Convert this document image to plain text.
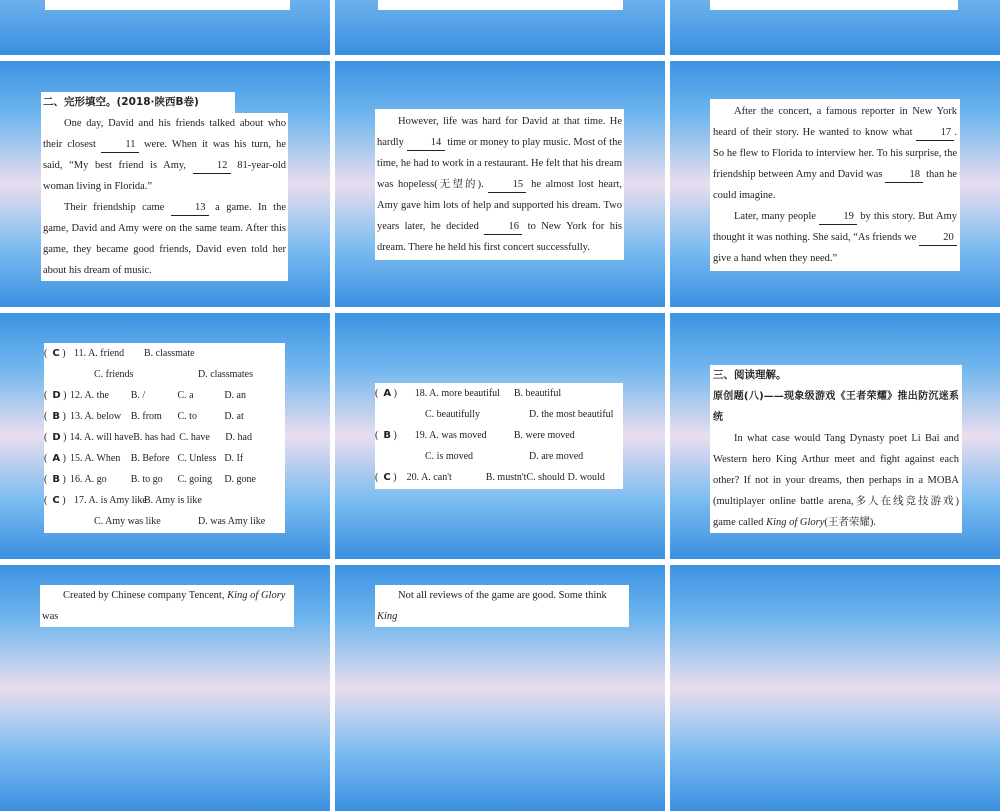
二、完形填空。(2018·陕西B卷)

One day, David and his friends talked about who their closest 11 were. When it was his turn, he said, “My best friend is Amy, 12 81-year-old woman living in Florida.”

Their friendship came 13 a game. In the game, David and Amy were on the same team. After this game, they became good friends, David even told her about his dream of music.

However, life was hard for David at that time. He hardly 14 time or money to play music. Most of the time, he had to work in a restaurant. He felt that his dream was hopeless(无望的). 15 he almost lost heart, Amy gave him lots of help and supported his dream. Two years later, he decided 16 to New York for his dream. There he held his first concert successfully.

After the concert, a famous reporter in New York heard of their story. He wanted to know what 17 . So he flew to Florida to interview her. To his surprise, the friendship between Amy and David was 18 than he could imagine.

Later, many people 19 by this story. But Amy thought it was nothing. She said, “As friends we 20 give a hand when they need.”

(  C ) 11. A. friend	B. classmate
C. friends	D. classmates
(  D ) 12. A. the	B. /	C. a	D. an
(  B ) 13. A. below B. from	C. to	D. at
(  D ) 14. A. will have B. has had C. have	D. had
(  A ) 15. A. When	B. Before C. Unless D. If
(  B ) 16. A. go	B. to go	C. going	D. gone
(  C ) 17. A. is Amy like
B. Amy is like
C. Amy was like	D. was Amy like
(  A )	18. A. more beautiful	B. beautiful
C. beautifully	D. the most beautiful
(  B )	19. A. was moved	B. were moved
C. is moved	D. are moved
(  C )	20. A. can't	B. mustn't C. should D. would

三、阅读理解。

原创题(八)——现象级游戏《王者荣耀》推出防沉迷系统

In what case would Tang Dynasty poet Li Bai and Western hero King Arthur meet and fight against each other? If not in your dreams, then perhaps in a MOBA (multiplayer online battle arena,多人在线竞技游戏) game called King of Glory(王者荣耀).

Created by Chinese company Tencent, King of Glory was

Not all reviews of the game are good. Some think King
